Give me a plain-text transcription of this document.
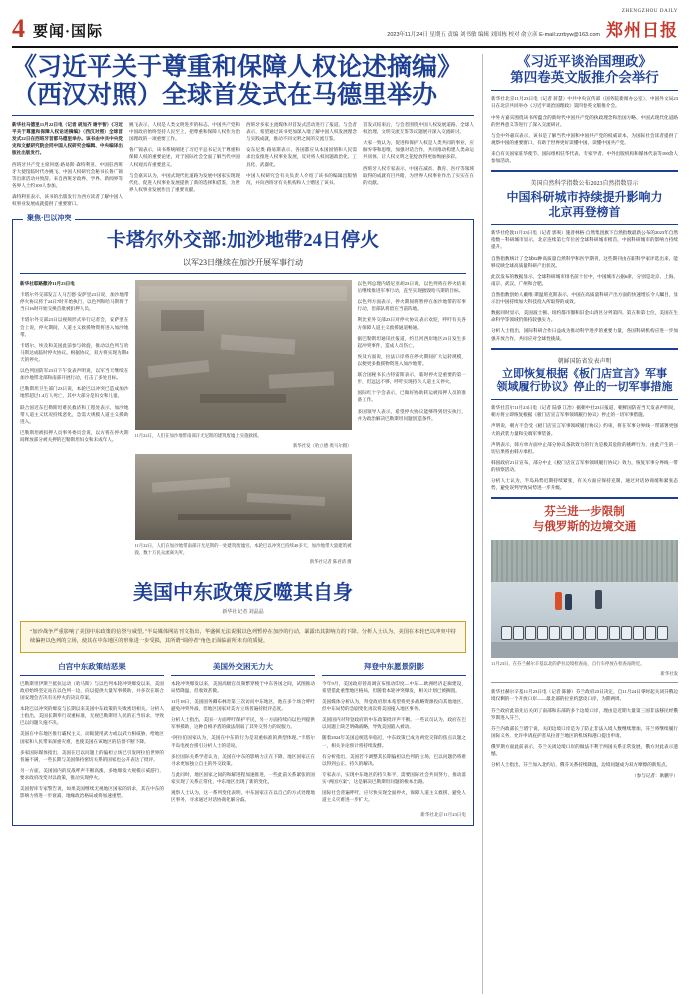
4 要闻·国际	2023年11月24日 星期五 责编 刘书敏 编辑 刘国栋 校对 俞立彦 E-mail:zzrbyw@163.com
ZHENGZHOU DAILY
郑州日报
《习近平关于尊重和保障人权论述摘编》
（西汉对照）全球首发式在马德里举办

新华社马德里11月22日电（记者 胡加齐 谢宇智）《习近平关于尊重和保障人权论述摘编》（西汉对照）全球首发式22日在西班牙首都马德里举办。该书由中共中央党史和文献研究院会同中国人权研究会编辑、中央编译出版社出版发行。

西班牙共产党主席何塞·路易斯·森特利亚、中国驻西班牙大使馆临时代办姚飞、中国人权研究会秘书长鲁广锦等出席活动并致辞。来自西班牙政界、学界、新闻界等各界人士约100人参加。

森特利亚表示，该书的出版发行为西方读者了解中国人权事业发展成就提供了重要窗口。

姚飞表示，人权是人类文明进步的标志。中国共产党和中国政府始终坚持人民至上，把尊重和保障人权作为治国理政的一项重要工作。

鲁广锦表示，该书系统阐述了习近平总书记关于尊重和保障人权的重要论述，对于国际社会全面了解当代中国人权观具有重要意义。

与会嘉宾认为，中国式现代化道路为发展中国家实现现代化、促进人权事业发展提供了新的选择和借鉴，为世界人权事业发展作出了重要贡献。

西班牙多家主流媒体对首发式活动进行了报道。与会者表示，希望通过该书更加深入地了解中国人权发展理念与实践成就，推动不同文明之间的交流互鉴。

安东尼奥·路易斯表示，各国都应从本国国情和人民需求出发推进人权事业发展，反对将人权问题政治化、工具化、武器化。

中国人权研究会有关负责人介绍了该书的编辑出版情况，并向西班牙有关机构和人士赠送了该书。

首发式结束后，与会者围绕中国人权发展道路、全球人权治理、文明交流互鉴等议题展开深入交流研讨。

大家一致认为，促进和保护人权是人类共同的事业，应摒弃零和思维，加强对话合作，共同推动构建人类命运共同体，让人权文明之花绽放得更加绚丽多彩。

西班牙人权专家表示，中国在减贫、教育、医疗等领域取得的成就有目共睹，为世界人权事业作出了实实在在的贡献。

聚焦·巴以冲突
卡塔尔外交部:加沙地带24日停火
以军23日继续在加沙开展军事行动

新华社耶路撒冷11月23日电

卡塔尔外交部发言人马吉德·安萨里23日说，加沙地带停火协议将于24日7时开始执行，以色列和哈马斯将于当日16时开始交换首批被扣押人员。

卡塔尔外交部23日以视频形式举行记者会，安萨里在会上说，停火期间，人道主义救援物资将进入加沙地带。

卡塔尔、埃及和美国此前参与斡旋，推动以色列与哈马斯达成临时停火协议。根据协议，双方将实现为期4天的停火。

以色列国防军23日下午发表声明说，以军当天继续在加沙地带北部和南部开展行动，打击了多处目标。

巴勒斯坦卫生部门23日说，本轮巴以冲突已造成加沙地带超过1.4万人死亡，其中大部分是妇女和儿童。

联合国近东巴勒斯坦难民救济和工程处表示，加沙地带人道主义状况持续恶化，急需大规模人道主义援助进入。

巴勒斯坦被扣押人员事务委员会说，以方将在停火期间释放部分被关押的巴勒斯坦妇女和未成年人。

11月22日，人们在加沙地带南部汗尤尼斯的建筑废墟上实施救援。
新华社发（哈立德·奥马尔摄）
11月22日，人们在加沙地带南部汗尤尼斯的一处建筑废墟旁。本轮巴以冲突已持续40多天，加沙地带大量建筑被毁，数十万民众流离失所。
新华社记者 陈君清 摄

以色列总理内塔尼亚胡23日说，以色列将在停火结束后继续推进军事行动，直至实现摧毁哈马斯的目标。

以色列方面表示，停火期间将暂停在加沙地带的军事行动，但部队将留在当前阵地。

利比亚外交部23日对停火协议表示欢迎，呼吁有关各方保障人道主义救援通道畅通。

据巴勒斯坦通讯社报道，约旦河西岸地区23日发生多起冲突事件，造成人员伤亡。

埃及方面说，拉法口岸将在停火期间扩大运转规模，以便更多救援物资进入加沙地带。

联合国秘书长古特雷斯表示，临时停火是重要的第一步，但远远不够，呼吁实现持久人道主义停火。

国际红十字会表示，已做好协助转运被扣押人员的准备工作。

多国领导人表示，希望停火协议能够得到切实执行，并为政治解决巴勒斯坦问题创造条件。

美国中东政策反噬其自身
新华社记者 刘晶晶
“加沙战争严重影响了美国中东政策的信誉与威望。”半岛媒体网站刊文指出，华盛顿无法说服以色列暂停在加沙的行动，暴露出其影响力的下降。分析人士认为，美国在本轮巴以冲突中持续偏袒以色列的立场，使其在中东地区的形象进一步受损，其所谓“调停者”角色正面临前所未有的质疑。
白宫中东政策结恶果

巴勒斯坦伊斯兰抵抗运动（哈马斯）与以色列本轮冲突爆发以来，美国政府始终坚定站在以色列一边，向以提供大量军事援助，并多次在联合国安理会否决有关停火的决议草案。

本轮巴以冲突的爆发与长期以来美国中东政策的失败密切相关。分析人士指出，美国长期奉行双重标准，无视巴勒斯坦人民的正当诉求，导致巴以问题久拖不决。

美国在中东地区推行霸权主义，动辄使用武力或以武力相威胁，给地区国家和人民带来深重灾难，也使美国在该地区的信誉不断下降。

多家国际媒体指出，美国在巴以问题上的偏袒立场已引发阿拉伯世界的普遍不满，一些长期与美国保持密切关系的国家也公开表达了批评。

另一方面，美国国内的反战呼声不断高涨，多地爆发大规模示威游行，要求政府改变对以政策，推动实现停火。

美国智库专家警告说，如果美国继续无视地区国家的诉求，其在中东的影响力将进一步衰减，地缘政治格局或将加速重塑。

美国外交困无力大

本轮冲突爆发以来，美国高级官员频繁穿梭于中东各国之间，试图推动局势降温，但收效甚微。

11月18日，美国国务卿布林肯第三次访问中东地区，他在多个场合呼吁避免冲突外溢，但地区国家对美方立场普遍持批评态度。

分析人士指出，美国一方面呼吁保护平民，另一方面持续向以色列提供军事援助，这种自相矛盾的做法削弱了其外交努力的说服力。

“阿拉伯国家认为，美国在中东的行为是双重标准的典型体现。”卡塔尔半岛电视台援引分析人士的话说。

多位国际关系学者认为，美国在中东的影响力正在下降，地区国家正在寻求更加独立自主的外交政策。

与此同时，地区国家之间的和解进程加速推进，一些此前关系紧张的国家实现了关系正常化，中东地区出现了新的变化。

观察人士认为，这一系列变化表明，中东国家正在以自己的方式处理地区事务，寻求通过对话协商化解分歧。

拜登中东愿景阴影

今年9月，美国政府曾高调宣布推动印度—中东—欧洲经济走廊建设，希望借此重塑地区格局，但随着本轮冲突爆发，相关计划已被搁置。

美国媒体分析认为，拜登政府原本希望将更多战略资源投向其他地区，但中东局势的急剧变化再次将美国拖入地区事务。

美国国内对拜登政府的中东政策批评声不断。一些议员认为，政府在巴以问题上缺乏明确战略，导致美国陷入被动。

随着2024年美国总统选举临近，中东政策已成为两党交锋的焦点议题之一，相关争论预计将持续发酵。

有分析指出，美国若不调整其长期偏袒以色列的立场，巴以问题仍将难以得到公正、持久的解决。

专家表示，实现中东地区的持久和平，需要国际社会共同努力，推动落实“两国方案”，这是解决巴勒斯坦问题的根本出路。

国际社会普遍呼吁，应尽快实现全面停火，保障人道主义救援，避免人道主义灾难进一步扩大。

新华社北京11月23日电
《习近平谈治国理政》
第四卷英文版推介会举行

新华社北京11月23日电（记者 蒋慧）中共中央宣传部（国务院新闻办公室）、中国外文局23日在北京共同举办《习近平谈治国理政》第四卷英文版推介会。

中外方嘉宾围绕该书所蕴含的新时代中国共产党的执政理念和治国方略、中国式现代化道路的世界意义等进行了深入交流研讨。

与会中外嘉宾表示，该书是了解当代中国和中国共产党的权威读本，为国际社会读者提供了观察中国的重要窗口，有助于世界更好读懂中国、读懂中国共产党。

来自有关国家驻华使节、国际组织驻华代表、专家学者、中外出版机构和媒体代表等100余人参加活动。

美国自然科学指数公布2023自然指数显示
中国科研城市持续提升影响力
北京再登榜首

新华社伦敦11月23日电（记者 郭爽）施普林格·自然集团旗下自然指数最新公布的2023年自然指数－科研城市显示，北京连续第七年位居全球科研城市榜首，中国科研城市的影响力持续提升。

自然指数统计了全球82种高质量自然科学和医学期刊，这些期刊由在职科学家评选出来，能够反映全球高质量科研产出状况。

此次发布的数据显示，全球科研城市排名前十位中，中国城市占据6席，分别是北京、上海、南京、武汉、广州和合肥。

自然指数创始人戴维·斯温班克斯表示，中国在高质量科研产出方面的快速增长令人瞩目，显示出中国持续加大科技投入所取得的成效。

数据同时显示，美国波士顿、纽约都市圈和旧金山湾区分列第四、第五和第七位，美国在生命科学等领域仍保持较强实力。

分析人士指出，国际科研合作日益成为推动科学进步的重要力量，各国科研机构应进一步加强开放合作，共同应对全球性挑战。

朝鲜国防省发表声明
立即恢复根据《板门店宣言》军事
领域履行协议》停止的一切军事措施

新华社首尔11月23日电（记者 陆睿 冮冶）据朝中社23日报道，朝鲜国防省当天发表声明说，朝方将立即恢复根据《板门店宣言军事领域履行协议》停止的一切军事措施。

声明说，朝方不会受《板门店宣言军事领域履行协议》约束，将在军事分界线一带部署更强大的武装力量和尖端军事装备。

声明表示，韩方单方面中止部分协议条款效力的行为是极其危险的挑衅行为，由此产生的一切后果将由韩方承担。

韩国政府21日宣布，部分中止《板门店宣言军事领域履行协议》效力，恢复军事分界线一带的侦察活动。

分析人士认为，半岛局势近期持续紧张，有关方面应保持克制，通过对话协商缓和紧张态势，避免误判导致局势进一步升级。

芬兰进一步限制
与俄罗斯的边境交通
11月23日，在芬兰赫尔辛基以北的萨拉边境检查站，自行车停放在检查站附近。
新华社发

新华社赫尔辛基11月23日电（记者 陈静）芬兰政府23日决定，自11月24日零时起关闭芬俄边境仅剩的一个开放口岸——最北部的拉亚约瑟皮口岸，为期两周。

芬兰政府此前先后关闭了南部和东部的多个边境口岸，理由是近期大量第三国非法移民经俄罗斯进入芬兰。

芬兰内政部长兰塔宁说，关闭边境口岸是为了防止非法入境人数继续增加，芬兰将继续履行国际义务，允许申请庇护者从拉普兰地区的机场和港口提出申请。

俄罗斯方面此前表示，芬兰关闭边境口岸的做法不利于两国关系正常发展，俄方对此表示遗憾。

分析人士指出，芬兰加入北约后，俄芬关系持续降温，边境问题成为双方摩擦的新焦点。

（参与记者：耿鹏宇）
